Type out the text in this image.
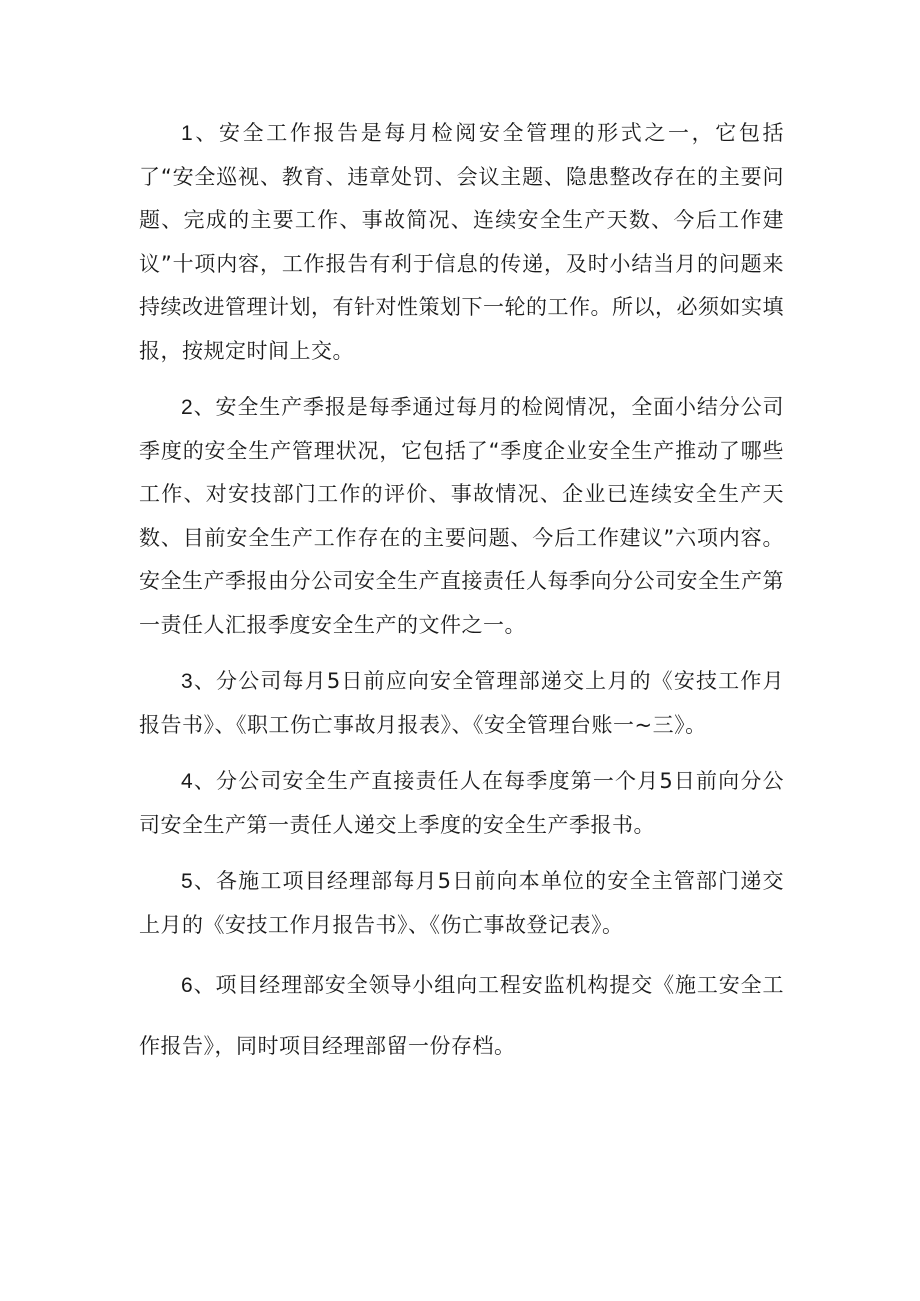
1、安全工作报告是每月检阅安全管理的形式之一，它包括了“安全巡视、教育、违章处罚、会议主题、隐患整改存在的主要问题、完成的主要工作、事故简况、连续安全生产天数、今后工作建议”十项内容，工作报告有利于信息的传递，及时小结当月的问题来持续改进管理计划，有针对性策划下一轮的工作。所以，必须如实填报，按规定时间上交。

2、安全生产季报是每季通过每月的检阅情况，全面小结分公司季度的安全生产管理状况，它包括了“季度企业安全生产推动了哪些工作、对安技部门工作的评价、事故情况、企业已连续安全生产天数、目前安全生产工作存在的主要问题、今后工作建议”六项内容。安全生产季报由分公司安全生产直接责任人每季向分公司安全生产第一责任人汇报季度安全生产的文件之一。

3、分公司每月5日前应向安全管理部递交上月的《安技工作月报告书》、《职工伤亡事故月报表》、《安全管理台账一~三》。

4、分公司安全生产直接责任人在每季度第一个月5日前向分公司安全生产第一责任人递交上季度的安全生产季报书。

5、各施工项目经理部每月5日前向本单位的安全主管部门递交上月的《安技工作月报告书》、《伤亡事故登记表》。

6、项目经理部安全领导小组向工程安监机构提交《施工安全工作报告》，同时项目经理部留一份存档。
